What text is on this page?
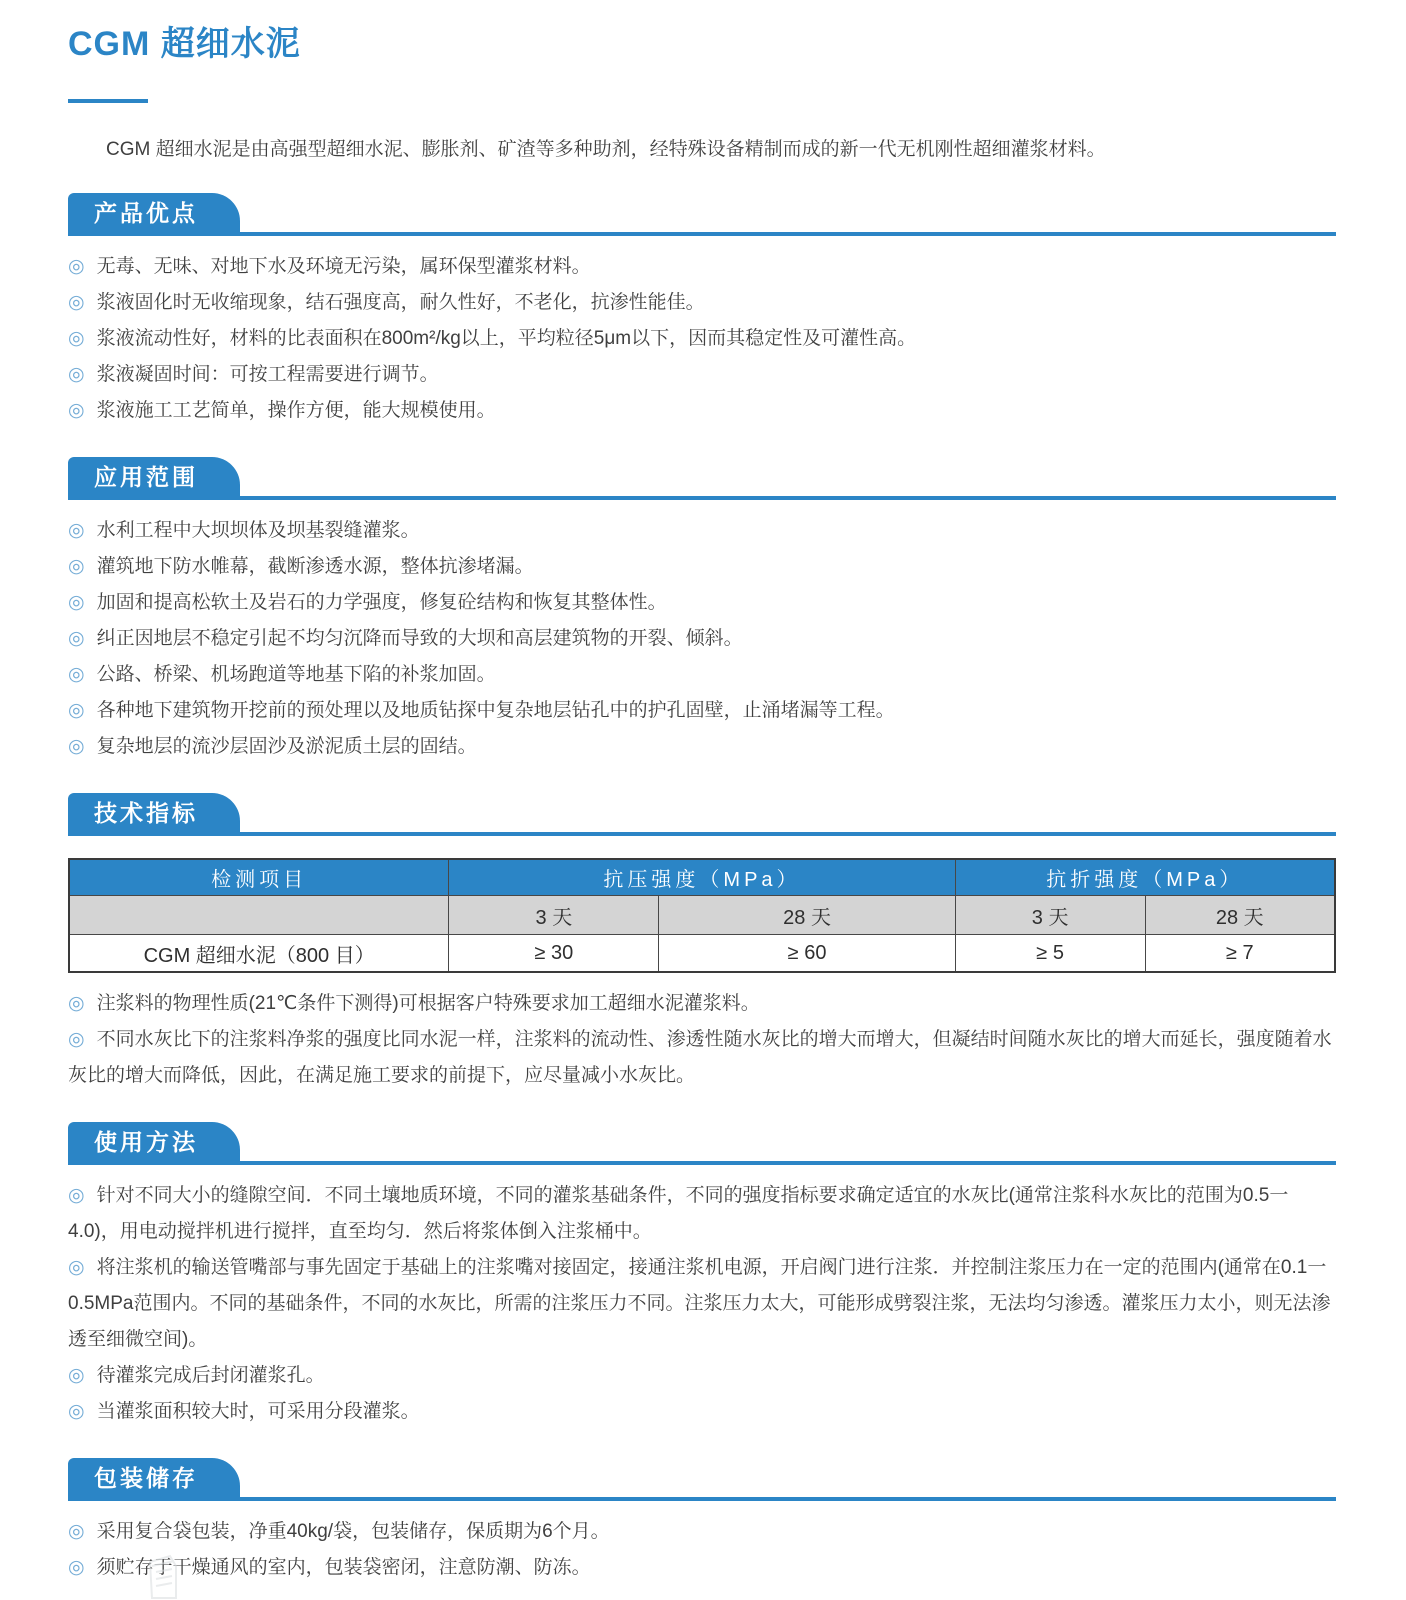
CGM 超细水泥

CGM 超细水泥是由高强型超细水泥、膨胀剂、矿渣等多种助剂，经特殊设备精制而成的新一代无机刚性超细灌浆材料。

产品优点
◎ 无毒、无味、对地下水及环境无污染，属环保型灌浆材料。
◎ 浆液固化时无收缩现象，结石强度高，耐久性好，不老化，抗渗性能佳。
◎ 浆液流动性好，材料的比表面积在800m²/kg以上，平均粒径5μm以下，因而其稳定性及可灌性高。
◎ 浆液凝固时间：可按工程需要进行调节。
◎ 浆液施工工艺简单，操作方便，能大规模使用。
应用范围
◎ 水利工程中大坝坝体及坝基裂缝灌浆。
◎ 灌筑地下防水帷幕，截断渗透水源，整体抗渗堵漏。
◎ 加固和提高松软土及岩石的力学强度，修复砼结构和恢复其整体性。
◎ 纠正因地层不稳定引起不均匀沉降而导致的大坝和高层建筑物的开裂、倾斜。
◎ 公路、桥梁、机场跑道等地基下陷的补浆加固。
◎ 各种地下建筑物开挖前的预处理以及地质钻探中复杂地层钻孔中的护孔固壁，止涌堵漏等工程。
◎ 复杂地层的流沙层固沙及淤泥质土层的固结。
技术指标
检测项目	抗压强度（MPa）		抗折强度（MPa）	
	3 天	28 天	3 天	28 天
CGM 超细水泥（800 目）	≥ 30	≥ 60	≥ 5	≥ 7
◎ 注浆料的物理性质(21℃条件下测得)可根据客户特殊要求加工超细水泥灌浆料。
◎ 不同水灰比下的注浆料净浆的强度比同水泥一样，注浆料的流动性、渗透性随水灰比的增大而增大，但凝结时间随水灰比的增大而延长，强度随着水灰比的增大而降低，因此，在满足施工要求的前提下，应尽量减小水灰比。
使用方法
◎ 针对不同大小的缝隙空间．不同土壤地质环境，不同的灌浆基础条件，不同的强度指标要求确定适宜的水灰比(通常注浆科水灰比的范围为0.5一4.0)，用电动搅拌机进行搅拌，直至均匀．然后将浆体倒入注浆桶中。
◎ 将注浆机的输送管嘴部与事先固定于基础上的注浆嘴对接固定，接通注浆机电源，开启阀门进行注浆．并控制注浆压力在一定的范围内(通常在0.1一0.5MPa范围内。不同的基础条件，不同的水灰比，所需的注浆压力不同。注浆压力太大，可能形成劈裂注浆，无法均匀渗透。灌浆压力太小，则无法渗透至细微空间)。
◎ 待灌浆完成后封闭灌浆孔。
◎ 当灌浆面积较大时，可采用分段灌浆。
包装储存
◎ 采用复合袋包装，净重40kg/袋，包装储存，保质期为6个月。
◎ 须贮存于干燥通风的室内，包装袋密闭，注意防潮、防冻。
